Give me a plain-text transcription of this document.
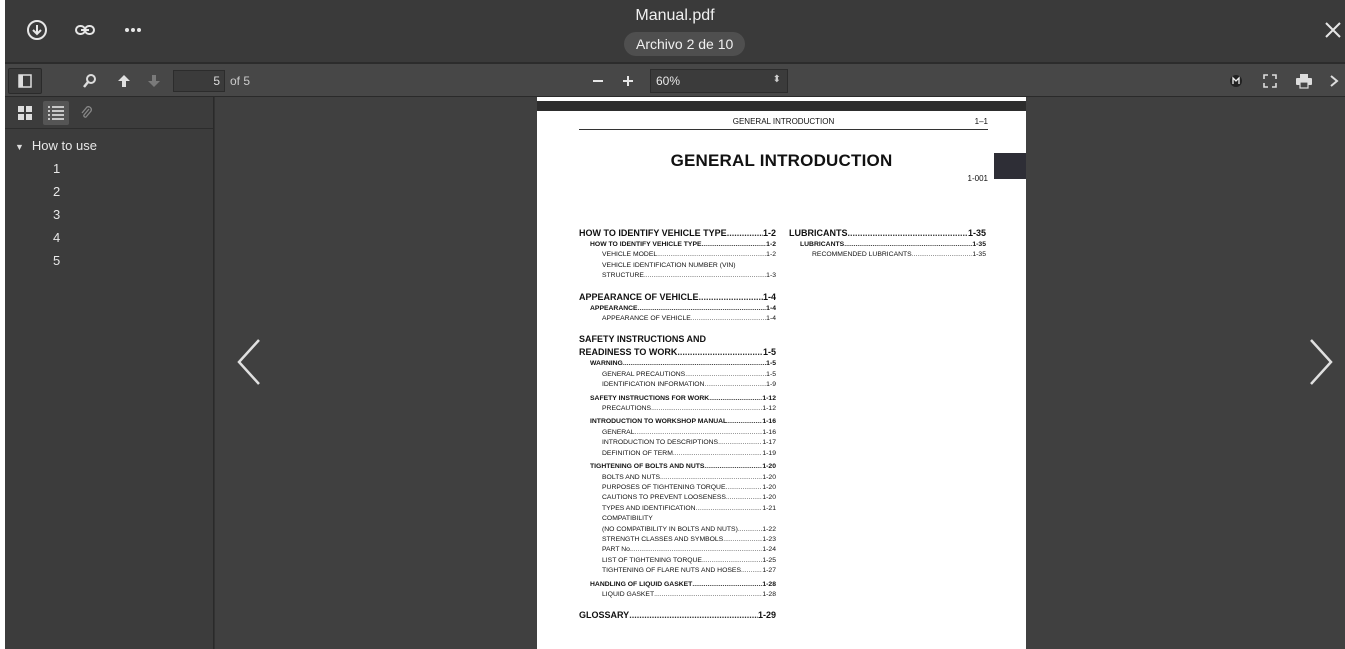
Manual.pdf
Archivo 2 de 10
5
of 5	60%	⬍
▼ How to use
1
2
3
4
5
GENERAL INTRODUCTION	1–1
GENERAL INTRODUCTION
1-001
HOW TO IDENTIFY VEHICLE TYPE .....	1-2
HOW TO IDENTIFY VEHICLE TYPE .....	1-2
VEHICLE MODEL .....	1-2
VEHICLE IDENTIFICATION NUMBER (VIN)
STRUCTURE .....	1-3
APPEARANCE OF VEHICLE .....	1-4
APPEARANCE .....	1-4
APPEARANCE OF VEHICLE .....	1-4
SAFETY INSTRUCTIONS AND
READINESS TO WORK .....	1-5
WARNING .....	1-5
GENERAL PRECAUTIONS .....	1-5
IDENTIFICATION INFORMATION .....	1-9
SAFETY INSTRUCTIONS FOR WORK .....	1-12
PRECAUTIONS .....	1-12
INTRODUCTION TO WORKSHOP MANUAL .....	1-16
GENERAL .....	1-16
INTRODUCTION TO DESCRIPTIONS .....	1-17
DEFINITION OF TERM .....	1-19
TIGHTENING OF BOLTS AND NUTS .....	1-20
BOLTS AND NUTS .....	1-20
PURPOSES OF TIGHTENING TORQUE .....	1-20
CAUTIONS TO PREVENT LOOSENESS .....	1-20
TYPES AND IDENTIFICATION .....	1-21
COMPATIBILITY
(NO COMPATIBILITY IN BOLTS AND NUTS) .....	1-22
STRENGTH CLASSES AND SYMBOLS .....	1-23
PART No. .....	1-24
LIST OF TIGHTENING TORQUE .....	1-25
TIGHTENING OF FLARE NUTS AND HOSES .....	1-27
HANDLING OF LIQUID GASKET .....	1-28
LIQUID GASKET .....	1-28
GLOSSARY .....	1-29
LUBRICANTS .....	1-35
LUBRICANTS .....	1-35
RECOMMENDED LUBRICANTS .....	1-35
